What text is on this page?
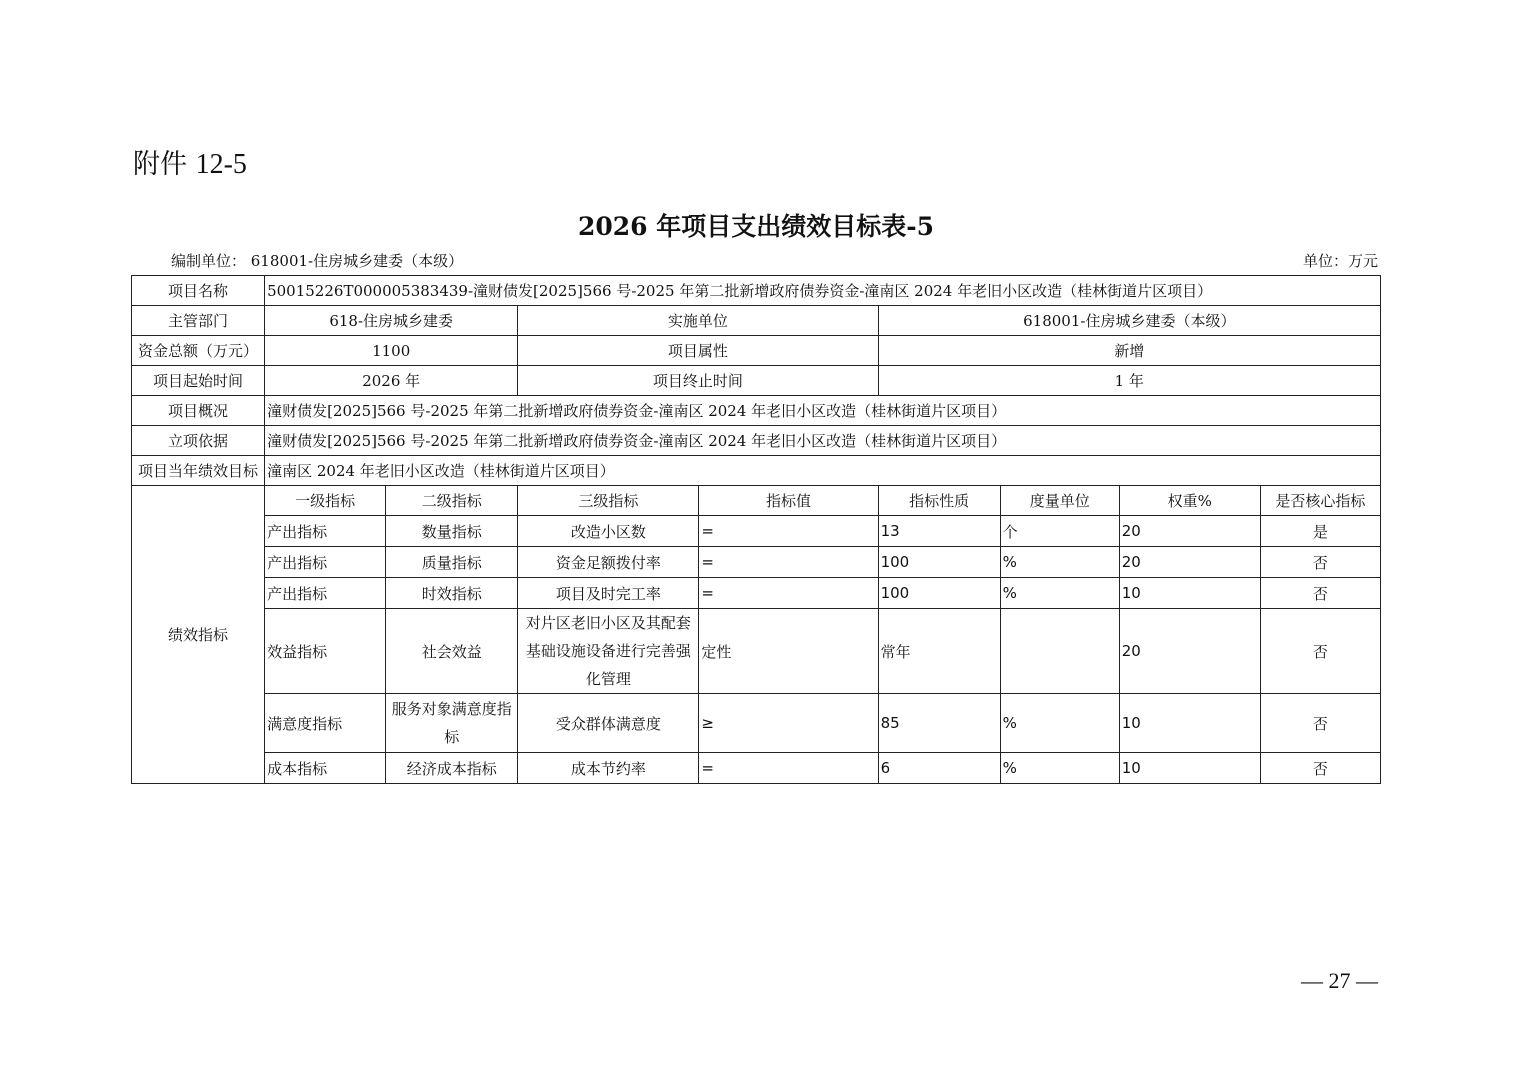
附件 12-5
2026 年项目支出绩效目标表-5
编制单位： 618001-住房城乡建委（本级）	单位：万元
项目名称	50015226T000005383439-潼财债发[2025]566 号-2025 年第二批新增政府债券资金-潼南区 2024 年老旧小区改造（桂林街道片区项目）							
主管部门	618-住房城乡建委		实施单位		618001-住房城乡建委（本级）			
资金总额（万元）	1100		项目属性		新增			
项目起始时间	2026 年		项目终止时间		1 年			
项目概况	潼财债发[2025]566 号-2025 年第二批新增政府债券资金-潼南区 2024 年老旧小区改造（桂林街道片区项目）							
立项依据	潼财债发[2025]566 号-2025 年第二批新增政府债券资金-潼南区 2024 年老旧小区改造（桂林街道片区项目）							
项目当年绩效目标	潼南区 2024 年老旧小区改造（桂林街道片区项目）							
绩效指标	一级指标	二级指标	三级指标	指标值	指标性质	度量单位	权重%	是否核心指标
	产出指标	数量指标	改造小区数	=	13	个	20	是
	产出指标	质量指标	资金足额拨付率	=	100	%	20	否
	产出指标	时效指标	项目及时完工率	=	100	%	10	否
	效益指标	社会效益	对片区老旧小区及其配套基础设施设备进行完善强化管理	定性	常年		20	否
	满意度指标	服务对象满意度指标	受众群体满意度	≥	85	%	10	否
	成本指标	经济成本指标	成本节约率	=	6	%	10	否
— 27 —
